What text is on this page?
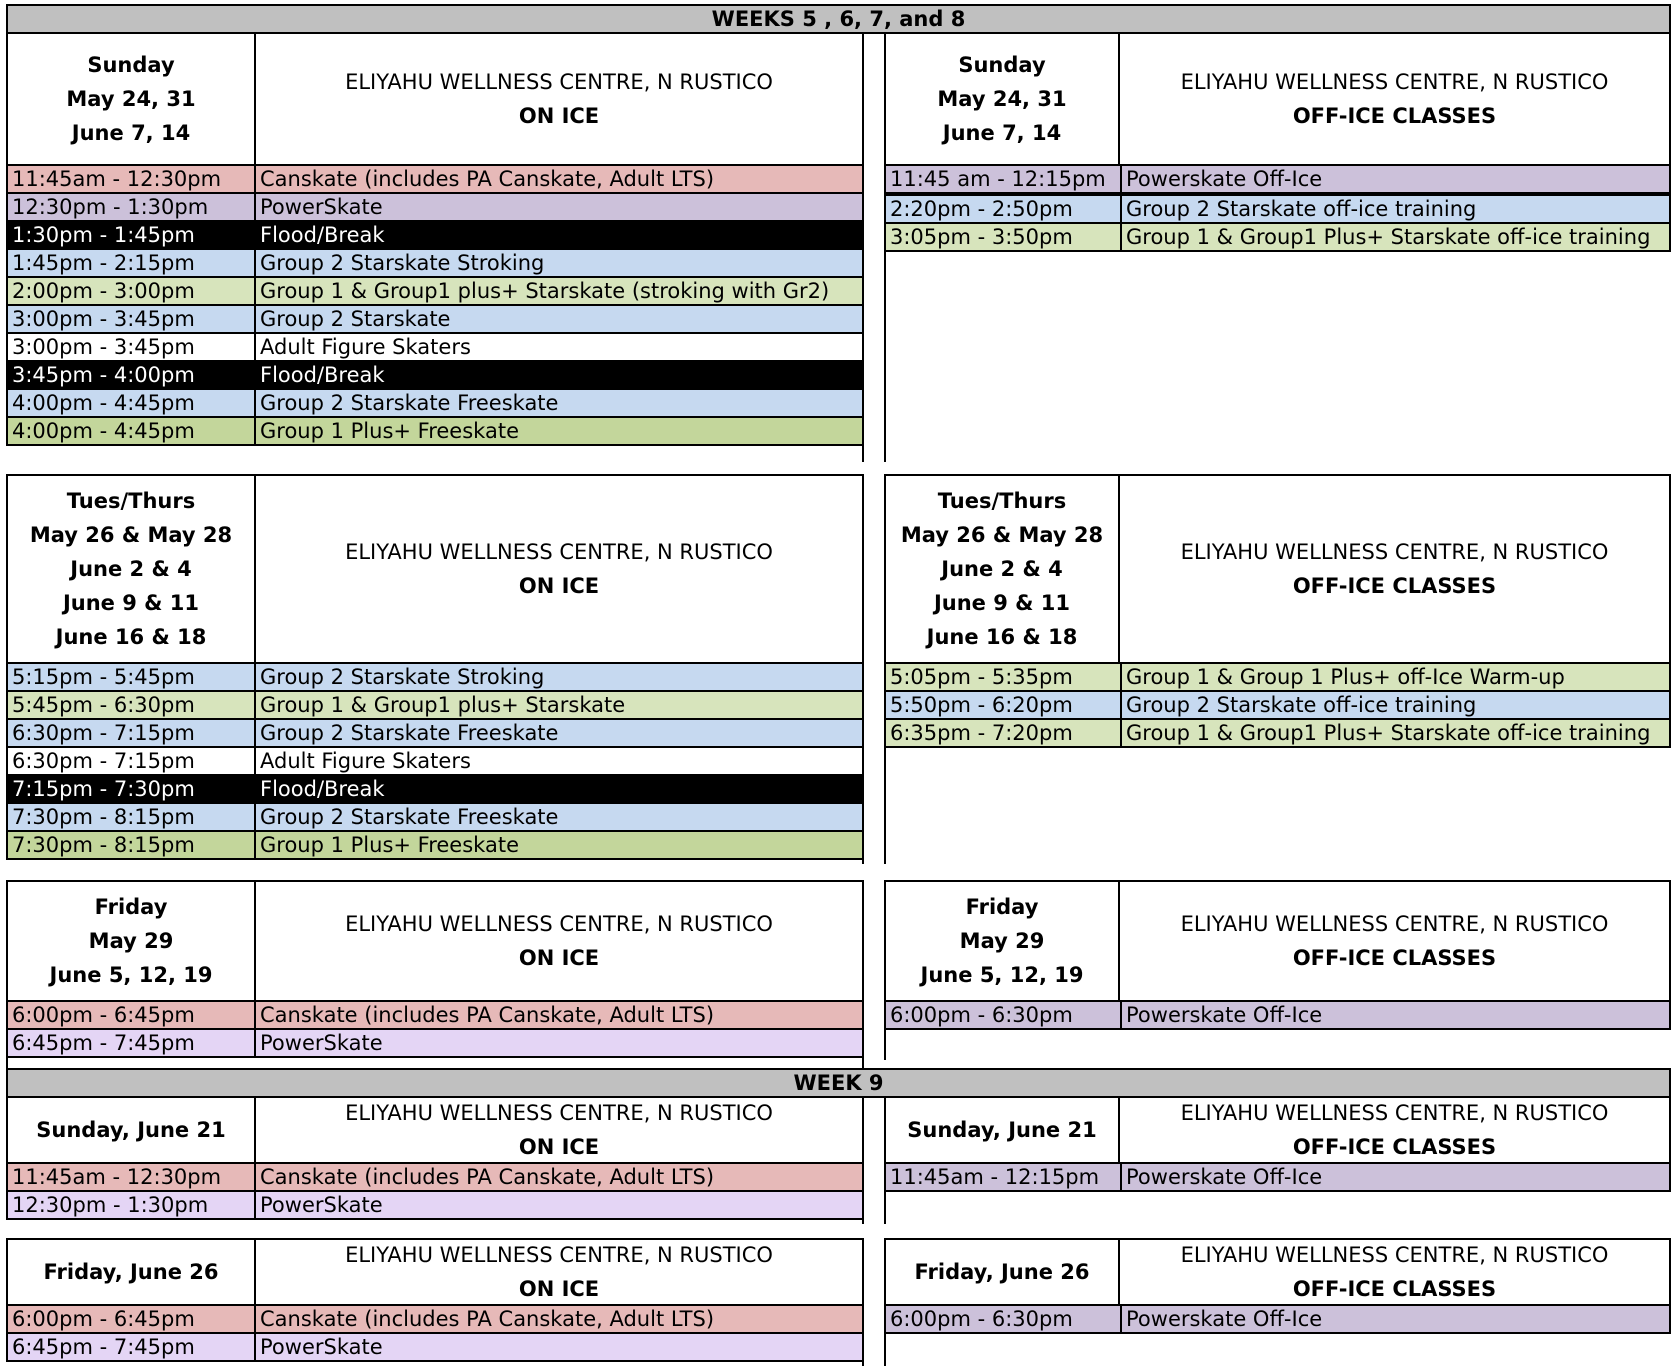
WEEKS 5 , 6, 7, and 8
Sunday
May 24, 31
June 7, 14
ELIYAHU WELLNESS CENTRE, N RUSTICO
ON ICE
Sunday
May 24, 31
June 7, 14
ELIYAHU WELLNESS CENTRE, N RUSTICO
OFF-ICE CLASSES
11:45am - 12:30pm	Canskate (includes PA Canskate, Adult LTS)
12:30pm - 1:30pm	PowerSkate
1:30pm - 1:45pm	Flood/Break
1:45pm - 2:15pm	Group 2 Starskate Stroking
2:00pm - 3:00pm	Group 1 & Group1 plus+ Starskate (stroking with Gr2)
3:00pm - 3:45pm	Group 2 Starskate
3:00pm - 3:45pm	Adult Figure Skaters
3:45pm - 4:00pm	Flood/Break
4:00pm - 4:45pm	Group 2 Starskate Freeskate
4:00pm - 4:45pm	Group 1 Plus+ Freeskate
11:45 am - 12:15pm Powerskate Off-Ice
2:20pm - 2:50pm	Group 2 Starskate off-ice training
3:05pm - 3:50pm	Group 1 & Group1 Plus+ Starskate off-ice training
Tues/Thurs
May 26 & May 28
June 2 & 4
June 9 & 11
June 16 & 18
ELIYAHU WELLNESS CENTRE, N RUSTICO
ON ICE
Tues/Thurs
May 26 & May 28
June 2 & 4
June 9 & 11
June 16 & 18
ELIYAHU WELLNESS CENTRE, N RUSTICO
OFF-ICE CLASSES
5:15pm - 5:45pm	Group 2 Starskate Stroking
5:45pm - 6:30pm	Group 1 & Group1 plus+ Starskate
6:30pm - 7:15pm	Group 2 Starskate Freeskate
6:30pm - 7:15pm	Adult Figure Skaters
7:15pm - 7:30pm	Flood/Break
7:30pm - 8:15pm	Group 2 Starskate Freeskate
7:30pm - 8:15pm	Group 1 Plus+ Freeskate
5:05pm - 5:35pm	Group 1 & Group 1 Plus+ off-Ice Warm-up
5:50pm - 6:20pm	Group 2 Starskate off-ice training
6:35pm - 7:20pm	Group 1 & Group1 Plus+ Starskate off-ice training
Friday
May 29
June 5, 12, 19
ELIYAHU WELLNESS CENTRE, N RUSTICO
ON ICE
Friday
May 29
June 5, 12, 19
ELIYAHU WELLNESS CENTRE, N RUSTICO
OFF-ICE CLASSES
6:00pm - 6:45pm	Canskate (includes PA Canskate, Adult LTS)
6:45pm - 7:45pm	PowerSkate
6:00pm - 6:30pm	Powerskate Off-Ice
WEEK 9
Sunday, June 21
ELIYAHU WELLNESS CENTRE, N RUSTICO
ON ICE
Sunday, June 21
ELIYAHU WELLNESS CENTRE, N RUSTICO
OFF-ICE CLASSES
11:45am - 12:30pm	Canskate (includes PA Canskate, Adult LTS)
12:30pm - 1:30pm	PowerSkate
11:45am - 12:15pm	Powerskate Off-Ice
Friday, June 26
ELIYAHU WELLNESS CENTRE, N RUSTICO
ON ICE
Friday, June 26
ELIYAHU WELLNESS CENTRE, N RUSTICO
OFF-ICE CLASSES
6:00pm - 6:45pm	Canskate (includes PA Canskate, Adult LTS)
6:45pm - 7:45pm	PowerSkate
6:00pm - 6:30pm	Powerskate Off-Ice
